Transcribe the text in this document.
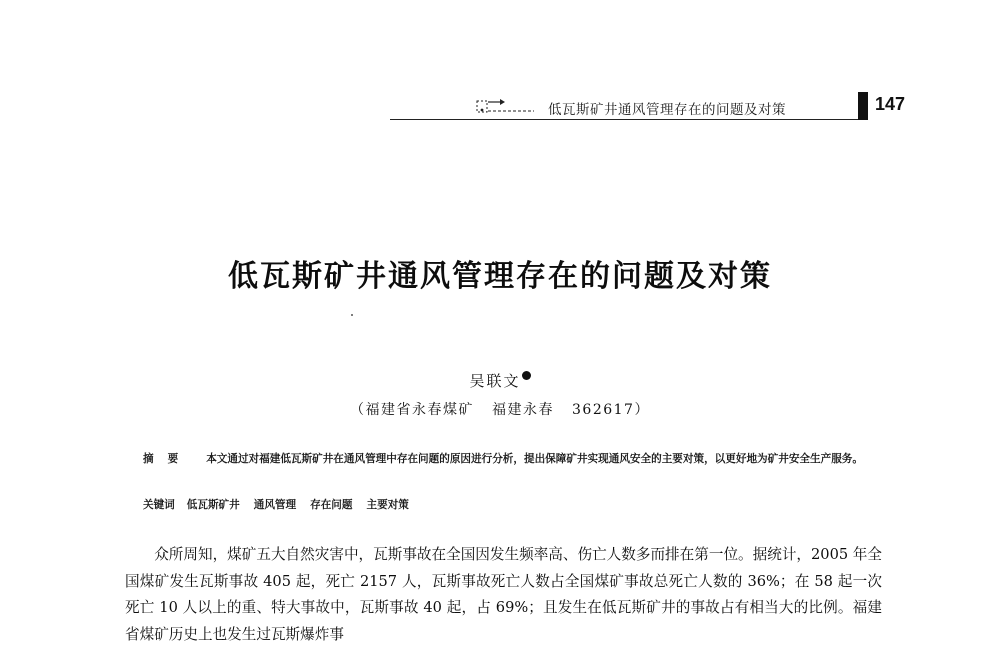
低瓦斯矿井通风管理存在的问题及对策	147
低瓦斯矿井通风管理存在的问题及对策
吴联文
（福建省永春煤矿 福建永春 362617）
摘要 本文通过对福建低瓦斯矿井在通风管理中存在问题的原因进行分析，提出保障矿井实现通风安全的主要对策，以更好地为矿井安全生产服务。
关键词 低瓦斯矿井 通风管理 存在问题 主要对策

众所周知，煤矿五大自然灾害中，瓦斯事故在全国因发生频率高、伤亡人数多而排在第一位。据统计，2005 年全国煤矿发生瓦斯事故 405 起，死亡 2157 人，瓦斯事故死亡人数占全国煤矿事故总死亡人数的 36%；在 58 起一次死亡 10 人以上的重、特大事故中，瓦斯事故 40 起，占 69%；且发生在低瓦斯矿井的事故占有相当大的比例。福建省煤矿历史上也发生过瓦斯爆炸事
